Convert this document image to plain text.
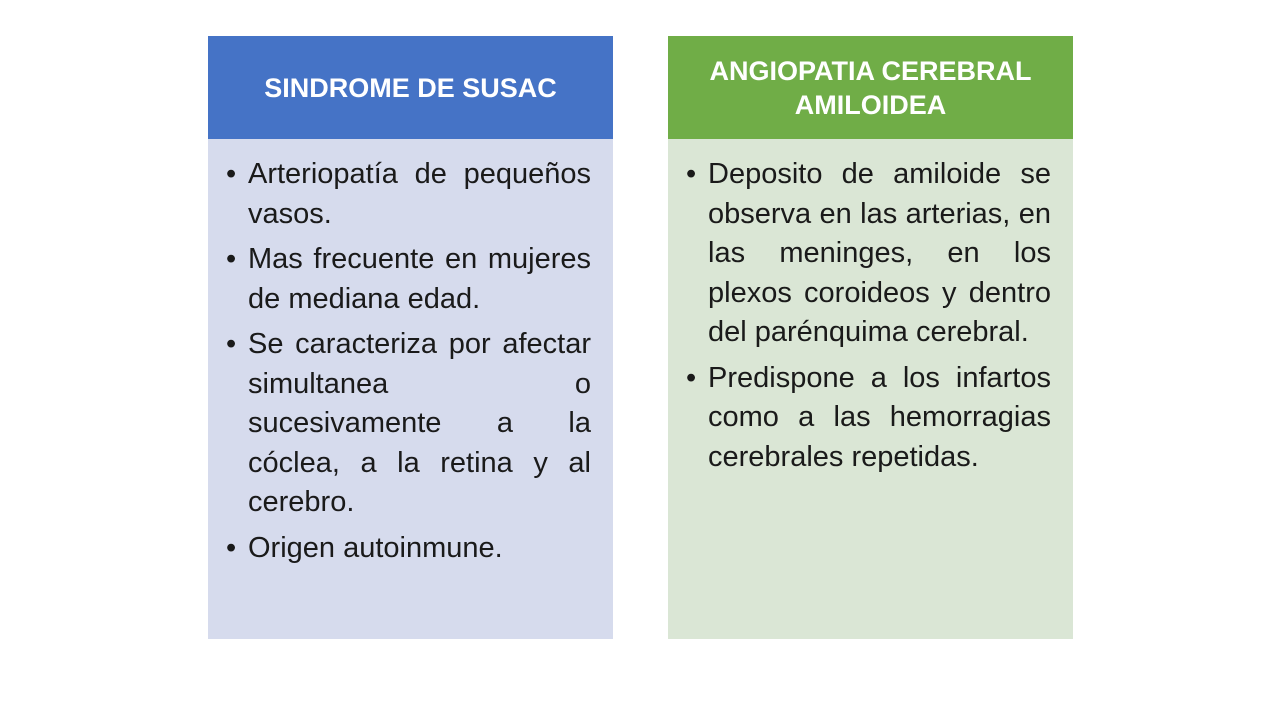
SINDROME DE SUSAC
• Arteriopatía de pequeños vasos.
• Mas frecuente en mujeres de mediana edad.
• Se caracteriza por afectar simultanea o sucesivamente a la cóclea, a la retina y al cerebro.
• Origen autoinmune.
ANGIOPATIA CEREBRAL AMILOIDEA
• Deposito de amiloide se observa en las arterias, en las meninges, en los plexos coroideos y dentro del parénquima cerebral.
• Predispone a los infartos como a las hemorragias cerebrales repetidas.
